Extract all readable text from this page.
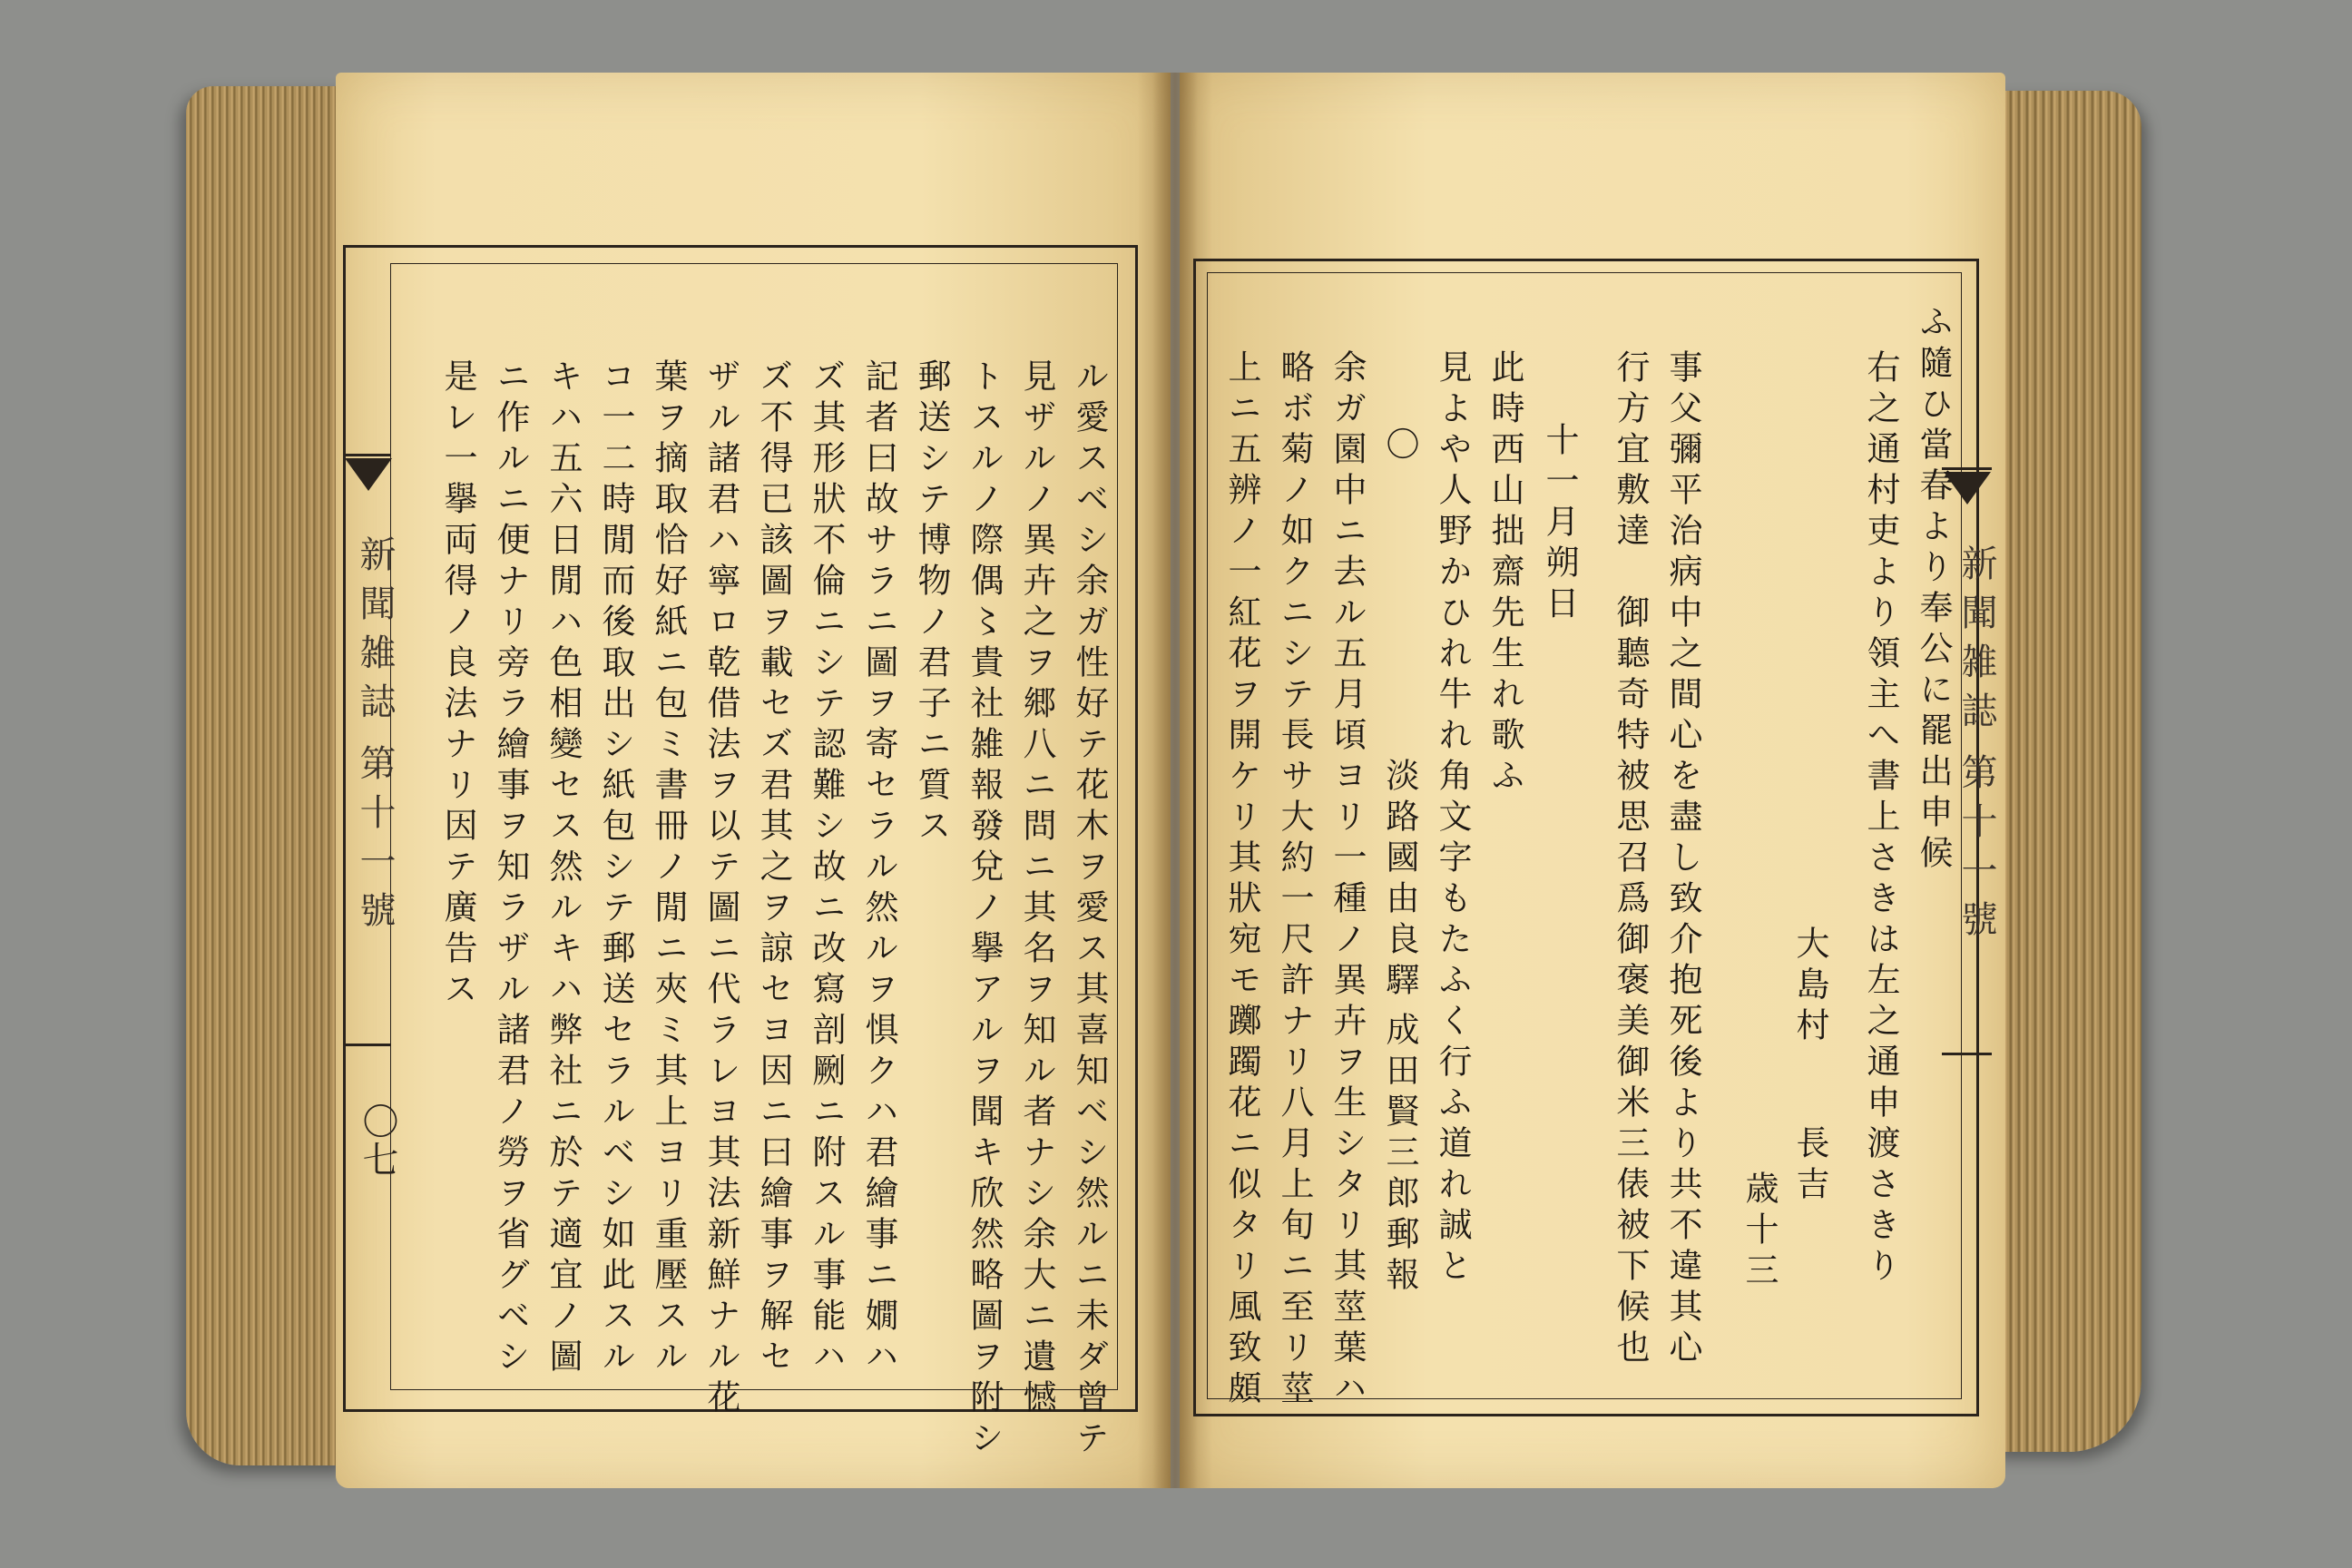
新聞雑誌
第十一號
〇七	ル愛スベシ余ガ性好テ花木ヲ愛ス其喜知ベシ然ルニ未ダ曾テ
見ザルノ異卉之ヲ郷八ニ問ニ其名ヲ知ル者ナシ余大ニ遺憾
トスルノ際偶〻貴社雑報發兌ノ擧アルヲ聞キ欣然略圖ヲ附シ
郵送シテ博物ノ君子ニ質ス
記者曰故サラニ圖ヲ寄セラル然ルヲ惧クハ君繪事ニ嫺ハ
ズ其形狀不倫ニシテ認難シ故ニ改寫剖劂ニ附スル事能ハ
ズ不得已該圖ヲ載セズ君其之ヲ諒セヨ因ニ曰繪事ヲ解セ
ザル諸君ハ寧ロ乾借法ヲ以テ圖ニ代ラレヨ其法新鮮ナル花
葉ヲ摘取恰好紙ニ包ミ書冊ノ閒ニ夾ミ其上ヨリ重壓スル
コ一二時閒而後取出シ紙包シテ郵送セラルベシ如此スル
キハ五六日閒ハ色相變セス然ルキハ弊社ニ於テ適宜ノ圖
ニ作ルニ便ナリ旁ラ繪事ヲ知ラザル諸君ノ勞ヲ省グベシ
是レ一擧両得ノ良法ナリ因テ廣告ス	新聞雑誌
第十一號
ふ隨ひ當春より奉公に罷出申候
右之通村吏より領主へ書上さきは左之通申渡さきり
大島村
長吉
歳十三
事父彌平治病中之間心を盡し致介抱死後より共不違其心
行方宜敷達　御聽奇特被思召爲御褒美御米三俵被下候也
十一月朔日
此時西山拙齋先生れ歌ふ
見よや人野かひれ牛れ角文字もたふく行ふ道れ誠と
〇
淡路國由良驛
成田賢三郎郵報
余ガ園中ニ去ル五月頃ヨリ一種ノ異卉ヲ生シタリ其莖葉ハ
略ボ菊ノ如クニシテ長サ大約一尺許ナリ八月上旬ニ至リ莖
上ニ五辨ノ一紅花ヲ開ケリ其狀宛モ躑躅花ニ似タリ風致頗
